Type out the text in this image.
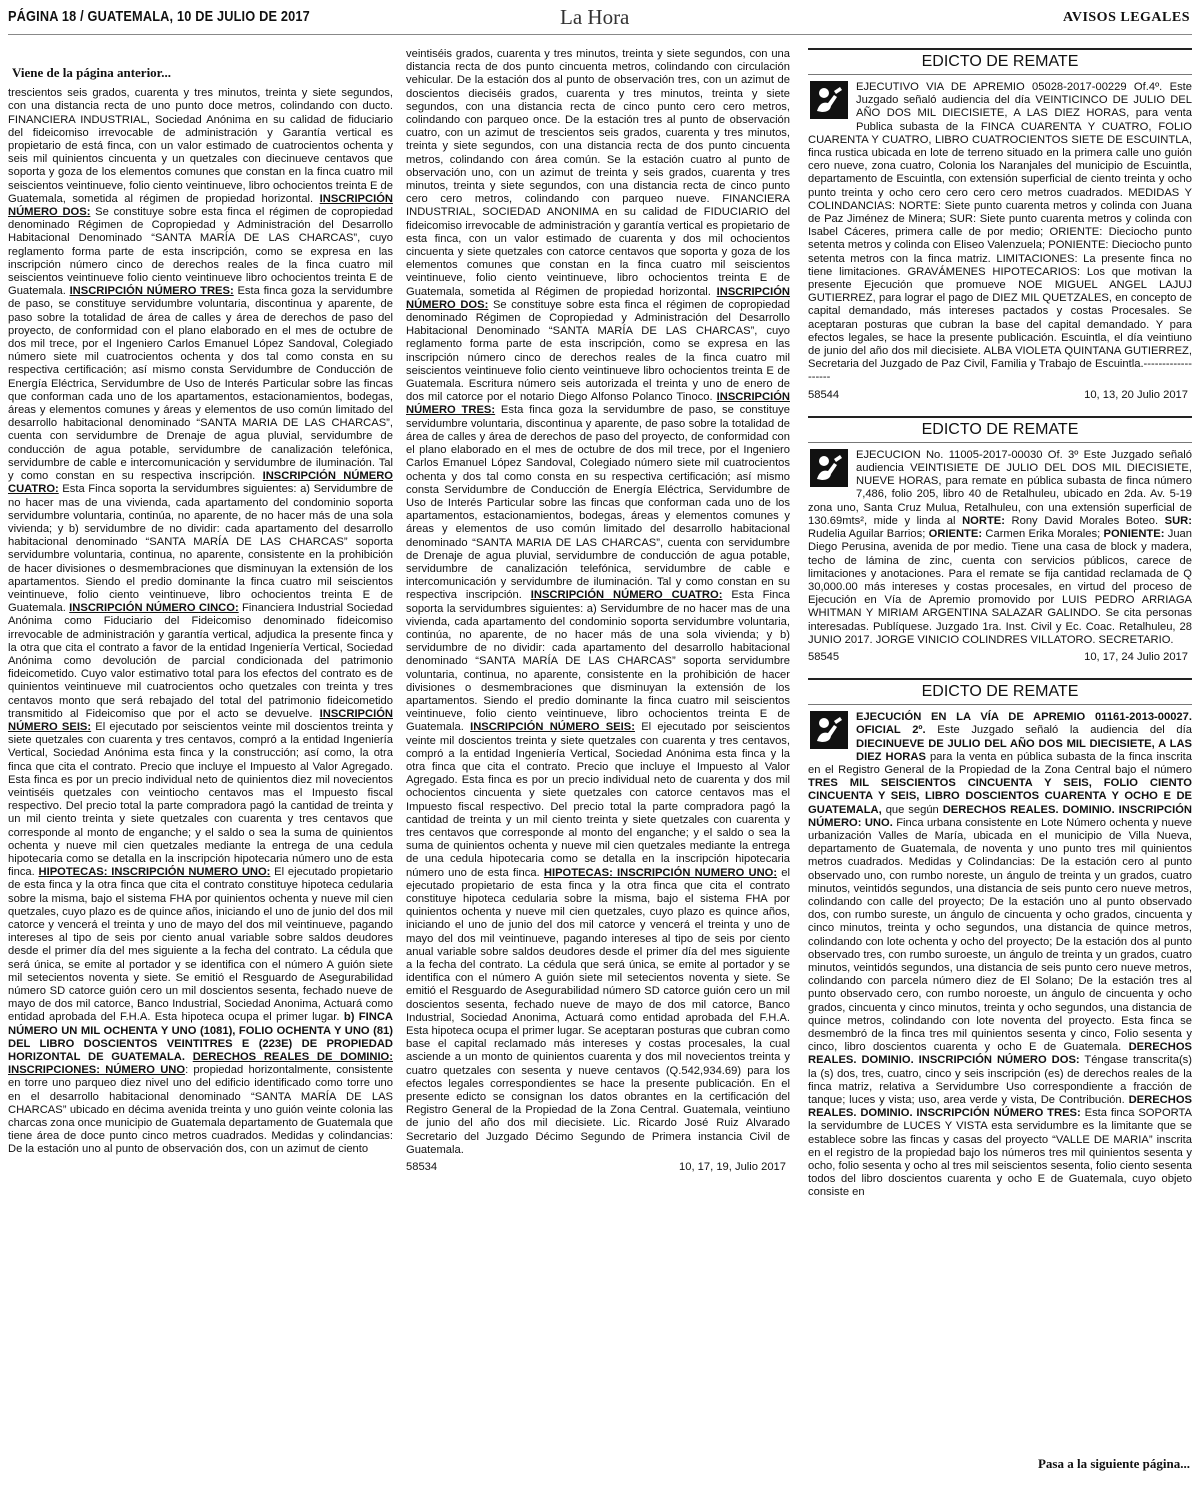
PÁGINA 18 / GUATEMALA, 10 DE JULIO DE 2017	La Hora	AVISOS LEGALES
Viene de la página anterior...

trescientos seis grados, cuarenta y tres minutos, treinta y siete segundos, con una distancia recta de uno punto doce metros, colindando con ducto. FINANCIERA INDUSTRIAL, Sociedad Anónima en su calidad de fiduciario del fideicomiso irrevocable de administración y Garantía vertical es propietario de está finca, con un valor estimado de cuatrocientos ochenta y seis mil quinientos cincuenta y un quetzales con diecinueve centavos que soporta y goza de los elementos comunes que constan en la finca cuatro mil seiscientos veintinueve, folio ciento veintinueve, libro ochocientos treinta E de Guatemala, sometida al régimen de propiedad horizontal. INSCRIPCIÓN NÚMERO DOS: Se constituye sobre esta finca el régimen de copropiedad denominado Régimen de Copropiedad y Administración del Desarrollo Habitacional Denominado “SANTA MARÍA DE LAS CHARCAS”, cuyo reglamento forma parte de esta inscripción, como se expresa en las inscripción número cinco de derechos reales de la finca cuatro mil seiscientos veintinueve folio ciento veintinueve libro ochocientos treinta E de Guatemala. INSCRIPCIÓN NÚMERO TRES: Esta finca goza la servidumbre de paso, se constituye servidumbre voluntaria, discontinua y aparente, de paso sobre la totalidad de área de calles y área de derechos de paso del proyecto, de conformidad con el plano elaborado en el mes de octubre de dos mil trece, por el Ingeniero Carlos Emanuel López Sandoval, Colegiado número siete mil cuatrocientos ochenta y dos tal como consta en su respectiva certificación; así mismo consta Servidumbre de Conducción de Energía Eléctrica, Servidumbre de Uso de Interés Particular sobre las fincas que conforman cada uno de los apartamentos, estacionamientos, bodegas, áreas y elementos comunes y áreas y elementos de uso común limitado del desarrollo habitacional denominado “SANTA MARIA DE LAS CHARCAS”, cuenta con servidumbre de Drenaje de agua pluvial, servidumbre de conducción de agua potable, servidumbre de canalización telefónica, servidumbre de cable e intercomunicación y servidumbre de iluminación. Tal y como constan en su respectiva inscripción. INSCRIPCIÓN NÚMERO CUATRO: Esta Finca soporta la servidumbres siguientes: a) Servidumbre de no hacer mas de una vivienda, cada apartamento del condominio soporta servidumbre voluntaria, continúa, no aparente, de no hacer más de una sola vivienda; y b) servidumbre de no dividir: cada apartamento del desarrollo habitacional denominado “SANTA MARÍA DE LAS CHARCAS” soporta servidumbre voluntaria, continua, no aparente, consistente en la prohibición de hacer divisiones o desmembraciones que disminuyan la extensión de los apartamentos. Siendo el predio dominante la finca cuatro mil seiscientos veintinueve, folio ciento veintinueve, libro ochocientos treinta E de Guatemala. INSCRIPCIÓN NÚMERO CINCO: Financiera Industrial Sociedad Anónima como Fiduciario del Fideicomiso denominado fideicomiso irrevocable de administración y garantía vertical, adjudica la presente finca y la otra que cita el contrato a favor de la entidad Ingeniería Vertical, Sociedad Anónima como devolución de parcial condicionada del patrimonio fideicometido. Cuyo valor estimativo total para los efectos del contrato es de quinientos veintinueve mil cuatrocientos ocho quetzales con treinta y tres centavos monto que será rebajado del total del patrimonio fideicometido transmitido al Fideicomiso que por el acto se devuelve. INSCRIPCIÓN NÚMERO SEIS: El ejecutado por seiscientos veinte mil doscientos treinta y siete quetzales con cuarenta y tres centavos, compró a la entidad Ingeniería Vertical, Sociedad Anónima esta finca y la construcción; así como, la otra finca que cita el contrato. Precio que incluye el Impuesto al Valor Agregado. Esta finca es por un precio individual neto de quinientos diez mil novecientos veintiséis quetzales con veintiocho centavos mas el Impuesto fiscal respectivo. Del precio total la parte compradora pagó la cantidad de treinta y un mil ciento treinta y siete quetzales con cuarenta y tres centavos que corresponde al monto de enganche; y el saldo o sea la suma de quinientos ochenta y nueve mil cien quetzales mediante la entrega de una cedula hipotecaria como se detalla en la inscripción hipotecaria número uno de esta finca. HIPOTECAS: INSCRIPCIÓN NUMERO UNO: El ejecutado propietario de esta finca y la otra finca que cita el contrato constituye hipoteca cedularia sobre la misma, bajo el sistema FHA por quinientos ochenta y nueve mil cien quetzales, cuyo plazo es de quince años, iniciando el uno de junio del dos mil catorce y vencerá el treinta y uno de mayo del dos mil veintinueve, pagando intereses al tipo de seis por ciento anual variable sobre saldos deudores desde el primer día del mes siguiente a la fecha del contrato. La cédula que será única, se emite al portador y se identifica con el número A guión siete mil setecientos noventa y siete. Se emitió el Resguardo de Asegurabilidad número SD catorce guión cero un mil doscientos sesenta, fechado nueve de mayo de dos mil catorce, Banco Industrial, Sociedad Anonima, Actuará como entidad aprobada del F.H.A. Esta hipoteca ocupa el primer lugar. b) FINCA NÚMERO UN MIL OCHENTA Y UNO (1081), FOLIO OCHENTA Y UNO (81) DEL LIBRO DOSCIENTOS VEINTITRES E (223E) DE PROPIEDAD HORIZONTAL DE GUATEMALA. DERECHOS REALES DE DOMINIO: INSCRIPCIONES: NÚMERO UNO: propiedad horizontalmente, consistente en torre uno parqueo diez nivel uno del edificio identificado como torre uno en el desarrollo habitacional denominado “SANTA MARÍA DE LAS CHARCAS” ubicado en décima avenida treinta y uno guión veinte colonia las charcas zona once municipio de Guatemala departamento de Guatemala que tiene área de doce punto cinco metros cuadrados. Medidas y colindancias: De la estación uno al punto de observación dos, con un azimut de ciento

veintiséis grados, cuarenta y tres minutos, treinta y siete segundos, con una distancia recta de dos punto cincuenta metros, colindando con circulación vehicular. De la estación dos al punto de observación tres, con un azimut de doscientos dieciséis grados, cuarenta y tres minutos, treinta y siete segundos, con una distancia recta de cinco punto cero cero metros, colindando con parqueo once. De la estación tres al punto de observación cuatro, con un azimut de trescientos seis grados, cuarenta y tres minutos, treinta y siete segundos, con una distancia recta de dos punto cincuenta metros, colindando con área común. Se la estación cuatro al punto de observación uno, con un azimut de treinta y seis grados, cuarenta y tres minutos, treinta y siete segundos, con una distancia recta de cinco punto cero cero metros, colindando con parqueo nueve. FINANCIERA INDUSTRIAL, SOCIEDAD ANONIMA en su calidad de FIDUCIARIO del fideicomiso irrevocable de administración y garantía vertical es propietario de esta finca, con un valor estimado de cuarenta y dos mil ochocientos cincuenta y siete quetzales con catorce centavos que soporta y goza de los elementos comunes que constan en la finca cuatro mil seiscientos veintinueve, folio ciento veintinueve, libro ochocientos treinta E de Guatemala, sometida al Régimen de propiedad horizontal. INSCRIPCIÓN NÚMERO DOS: Se constituye sobre esta finca el régimen de copropiedad denominado Régimen de Copropiedad y Administración del Desarrollo Habitacional Denominado “SANTA MARÍA DE LAS CHARCAS”, cuyo reglamento forma parte de esta inscripción, como se expresa en las inscripción número cinco de derechos reales de la finca cuatro mil seiscientos veintinueve folio ciento veintinueve libro ochocientos treinta E de Guatemala. Escritura número seis autorizada el treinta y uno de enero de dos mil catorce por el notario Diego Alfonso Polanco Tinoco. INSCRIPCIÓN NÚMERO TRES: Esta finca goza la servidumbre de paso, se constituye servidumbre voluntaria, discontinua y aparente, de paso sobre la totalidad de área de calles y área de derechos de paso del proyecto, de conformidad con el plano elaborado en el mes de octubre de dos mil trece, por el Ingeniero Carlos Emanuel López Sandoval, Colegiado número siete mil cuatrocientos ochenta y dos tal como consta en su respectiva certificación; así mismo consta Servidumbre de Conducción de Energía Eléctrica, Servidumbre de Uso de Interés Particular sobre las fincas que conforman cada uno de los apartamentos, estacionamientos, bodegas, áreas y elementos comunes y áreas y elementos de uso común limitado del desarrollo habitacional denominado “SANTA MARIA DE LAS CHARCAS”, cuenta con servidumbre de Drenaje de agua pluvial, servidumbre de conducción de agua potable, servidumbre de canalización telefónica, servidumbre de cable e intercomunicación y servidumbre de iluminación. Tal y como constan en su respectiva inscripción. INSCRIPCIÓN NÚMERO CUATRO: Esta Finca soporta la servidumbres siguientes: a) Servidumbre de no hacer mas de una vivienda, cada apartamento del condominio soporta servidumbre voluntaria, continúa, no aparente, de no hacer más de una sola vivienda; y b) servidumbre de no dividir: cada apartamento del desarrollo habitacional denominado “SANTA MARÍA DE LAS CHARCAS” soporta servidumbre voluntaria, continua, no aparente, consistente en la prohibición de hacer divisiones o desmembraciones que disminuyan la extensión de los apartamentos. Siendo el predio dominante la finca cuatro mil seiscientos veintinueve, folio ciento veintinueve, libro ochocientos treinta E de Guatemala. INSCRIPCIÓN NÚMERO SEIS: El ejecutado por seiscientos veinte mil doscientos treinta y siete quetzales con cuarenta y tres centavos, compró a la entidad Ingeniería Vertical, Sociedad Anónima esta finca y la otra finca que cita el contrato. Precio que incluye el Impuesto al Valor Agregado. Esta finca es por un precio individual neto de cuarenta y dos mil ochocientos cincuenta y siete quetzales con catorce centavos mas el Impuesto fiscal respectivo. Del precio total la parte compradora pagó la cantidad de treinta y un mil ciento treinta y siete quetzales con cuarenta y tres centavos que corresponde al monto del enganche; y el saldo o sea la suma de quinientos ochenta y nueve mil cien quetzales mediante la entrega de una cedula hipotecaria como se detalla en la inscripción hipotecaria número uno de esta finca. HIPOTECAS: INSCRIPCIÓN NUMERO UNO: el ejecutado propietario de esta finca y la otra finca que cita el contrato constituye hipoteca cedularia sobre la misma, bajo el sistema FHA por quinientos ochenta y nueve mil cien quetzales, cuyo plazo es quince años, iniciando el uno de junio del dos mil catorce y vencerá el treinta y uno de mayo del dos mil veintinueve, pagando intereses al tipo de seis por ciento anual variable sobre saldos deudores desde el primer día del mes siguiente a la fecha del contrato. La cédula que será única, se emite al portador y se identifica con el número A guión siete mil setecientos noventa y siete. Se emitió el Resguardo de Asegurabilidad número SD catorce guión cero un mil doscientos sesenta, fechado nueve de mayo de dos mil catorce, Banco Industrial, Sociedad Anonima, Actuará como entidad aprobada del F.H.A. Esta hipoteca ocupa el primer lugar. Se aceptaran posturas que cubran como base el capital reclamado más intereses y costas procesales, la cual asciende a un monto de quinientos cuarenta y dos mil novecientos treinta y cuatro quetzales con sesenta y nueve centavos (Q.542,934.69) para los efectos legales correspondientes se hace la presente publicación. En el presente edicto se consignan los datos obrantes en la certificación del Registro General de la Propiedad de la Zona Central. Guatemala, veintiuno de junio del año dos mil diecisiete. Lic. Ricardo José Ruiz Alvarado Secretario del Juzgado Décimo Segundo de Primera instancia Civil de Guatemala.

58534	10, 17, 19, Julio 2017
EDICTO DE REMATE

EJECUTIVO VIA DE APREMIO 05028-2017-00229 Of.4º. Este Juzgado señaló audiencia del día VEINTICINCO DE JULIO DEL AÑO DOS MIL DIECISIETE, A LAS DIEZ HORAS, para venta Publica subasta de la FINCA CUARENTA Y CUATRO, FOLIO CUARENTA Y CUATRO, LIBRO CUATROCIENTOS SIETE DE ESCUINTLA, finca rustica ubicada en lote de terreno situado en la primera calle uno guión cero nueve, zona cuatro, Colonia los Naranjales del municipio de Escuintla, departamento de Escuintla, con extensión superficial de ciento treinta y ocho punto treinta y ocho cero cero cero cero metros cuadrados. MEDIDAS Y COLINDANCIAS: NORTE: Siete punto cuarenta metros y colinda con Juana de Paz Jiménez de Minera; SUR: Siete punto cuarenta metros y colinda con Isabel Cáceres, primera calle de por medio; ORIENTE: Dieciocho punto setenta metros y colinda con Eliseo Valenzuela; PONIENTE: Dieciocho punto setenta metros con la finca matriz. LIMITACIONES: La presente finca no tiene limitaciones. GRAVÁMENES HIPOTECARIOS: Los que motivan la presente Ejecución que promueve NOE MIGUEL ANGEL LAJUJ GUTIERREZ, para lograr el pago de DIEZ MIL QUETZALES, en concepto de capital demandado, más intereses pactados y costas Procesales. Se aceptaran posturas que cubran la base del capital demandado. Y para efectos legales, se hace la presente publicación. Escuintla, el día veintiuno de junio del año dos mil diecisiete. ALBA VIOLETA QUINTANA GUTIERREZ, Secretaria del Juzgado de Paz Civil, Familia y Trabajo de Escuintla.-------------------

58544	10, 13, 20 Julio 2017
EDICTO DE REMATE

EJECUCION No. 11005-2017-00030 Of. 3º Este Juzgado señaló audiencia VEINTISIETE DE JULIO DEL DOS MIL DIECISIETE, NUEVE HORAS, para remate en pública subasta de finca número 7,486, folio 205, libro 40 de Retalhuleu, ubicado en 2da. Av. 5-19 zona uno, Santa Cruz Mulua, Retalhuleu, con una extensión superficial de 130.69mts², mide y linda al NORTE: Rony David Morales Boteo. SUR: Rudelia Aguilar Barrios; ORIENTE: Carmen Erika Morales; PONIENTE: Juan Diego Perusina, avenida de por medio. Tiene una casa de block y madera, techo de lámina de zinc, cuenta con servicios públicos, carece de limitaciones y anotaciones. Para el remate se fija cantidad reclamada de Q 30,000.00 más intereses y costas procesales, en virtud del proceso de Ejecución en Vía de Apremio promovido por LUIS PEDRO ARRIAGA WHITMAN Y MIRIAM ARGENTINA SALAZAR GALINDO. Se cita personas interesadas. Publíquese. Juzgado 1ra. Inst. Civil y Ec. Coac. Retalhuleu, 28 JUNIO 2017. JORGE VINICIO COLINDRES VILLATORO. SECRETARIO.

58545	10, 17, 24 Julio 2017
EDICTO DE REMATE

EJECUCIÓN EN LA VÍA DE APREMIO 01161-2013-00027. OFICIAL 2º. Este Juzgado señaló la audiencia del día DIECINUEVE DE JULIO DEL AÑO DOS MIL DIECISIETE, A LAS DIEZ HORAS para la venta en pública subasta de la finca inscrita en el Registro General de la Propiedad de la Zona Central bajo el número TRES MIL SEISCIENTOS CINCUENTA Y SEIS, FOLIO CIENTO CINCUENTA Y SEIS, LIBRO DOSCIENTOS CUARENTA Y OCHO E DE GUATEMALA, que según DERECHOS REALES. DOMINIO. INSCRIPCIÓN NÚMERO: UNO. Finca urbana consistente en Lote Número ochenta y nueve urbanización Valles de María, ubicada en el municipio de Villa Nueva, departamento de Guatemala, de noventa y uno punto tres mil quinientos metros cuadrados. Medidas y Colindancias: De la estación cero al punto observado uno, con rumbo noreste, un ángulo de treinta y un grados, cuatro minutos, veintidós segundos, una distancia de seis punto cero nueve metros, colindando con calle del proyecto; De la estación uno al punto observado dos, con rumbo sureste, un ángulo de cincuenta y ocho grados, cincuenta y cinco minutos, treinta y ocho segundos, una distancia de quince metros, colindando con lote ochenta y ocho del proyecto; De la estación dos al punto observado tres, con rumbo suroeste, un ángulo de treinta y un grados, cuatro minutos, veintidós segundos, una distancia de seis punto cero nueve metros, colindando con parcela número diez de El Solano; De la estación tres al punto observado cero, con rumbo noroeste, un ángulo de cincuenta y ocho grados, cincuenta y cinco minutos, treinta y ocho segundos, una distancia de quince metros, colindando con lote noventa del proyecto. Esta finca se desmembró de la finca tres mil quinientos sesenta y cinco, Folio sesenta y cinco, libro doscientos cuarenta y ocho E de Guatemala. DERECHOS REALES. DOMINIO. INSCRIPCIÓN NÚMERO DOS: Téngase transcrita(s) la (s) dos, tres, cuatro, cinco y seis inscripción (es) de derechos reales de la finca matriz, relativa a Servidumbre Uso correspondiente a fracción de tanque; luces y vista; uso, area verde y vista, De Contribución. DERECHOS REALES. DOMINIO. INSCRIPCIÓN NÚMERO TRES: Esta finca SOPORTA la servidumbre de LUCES Y VISTA esta servidumbre es la limitante que se establece sobre las fincas y casas del proyecto “VALLE DE MARIA” inscrita en el registro de la propiedad bajo los números tres mil quinientos sesenta y ocho, folio sesenta y ocho al tres mil seiscientos sesenta, folio ciento sesenta todos del libro doscientos cuarenta y ocho E de Guatemala, cuyo objeto consiste en

Pasa a la siguiente página...
